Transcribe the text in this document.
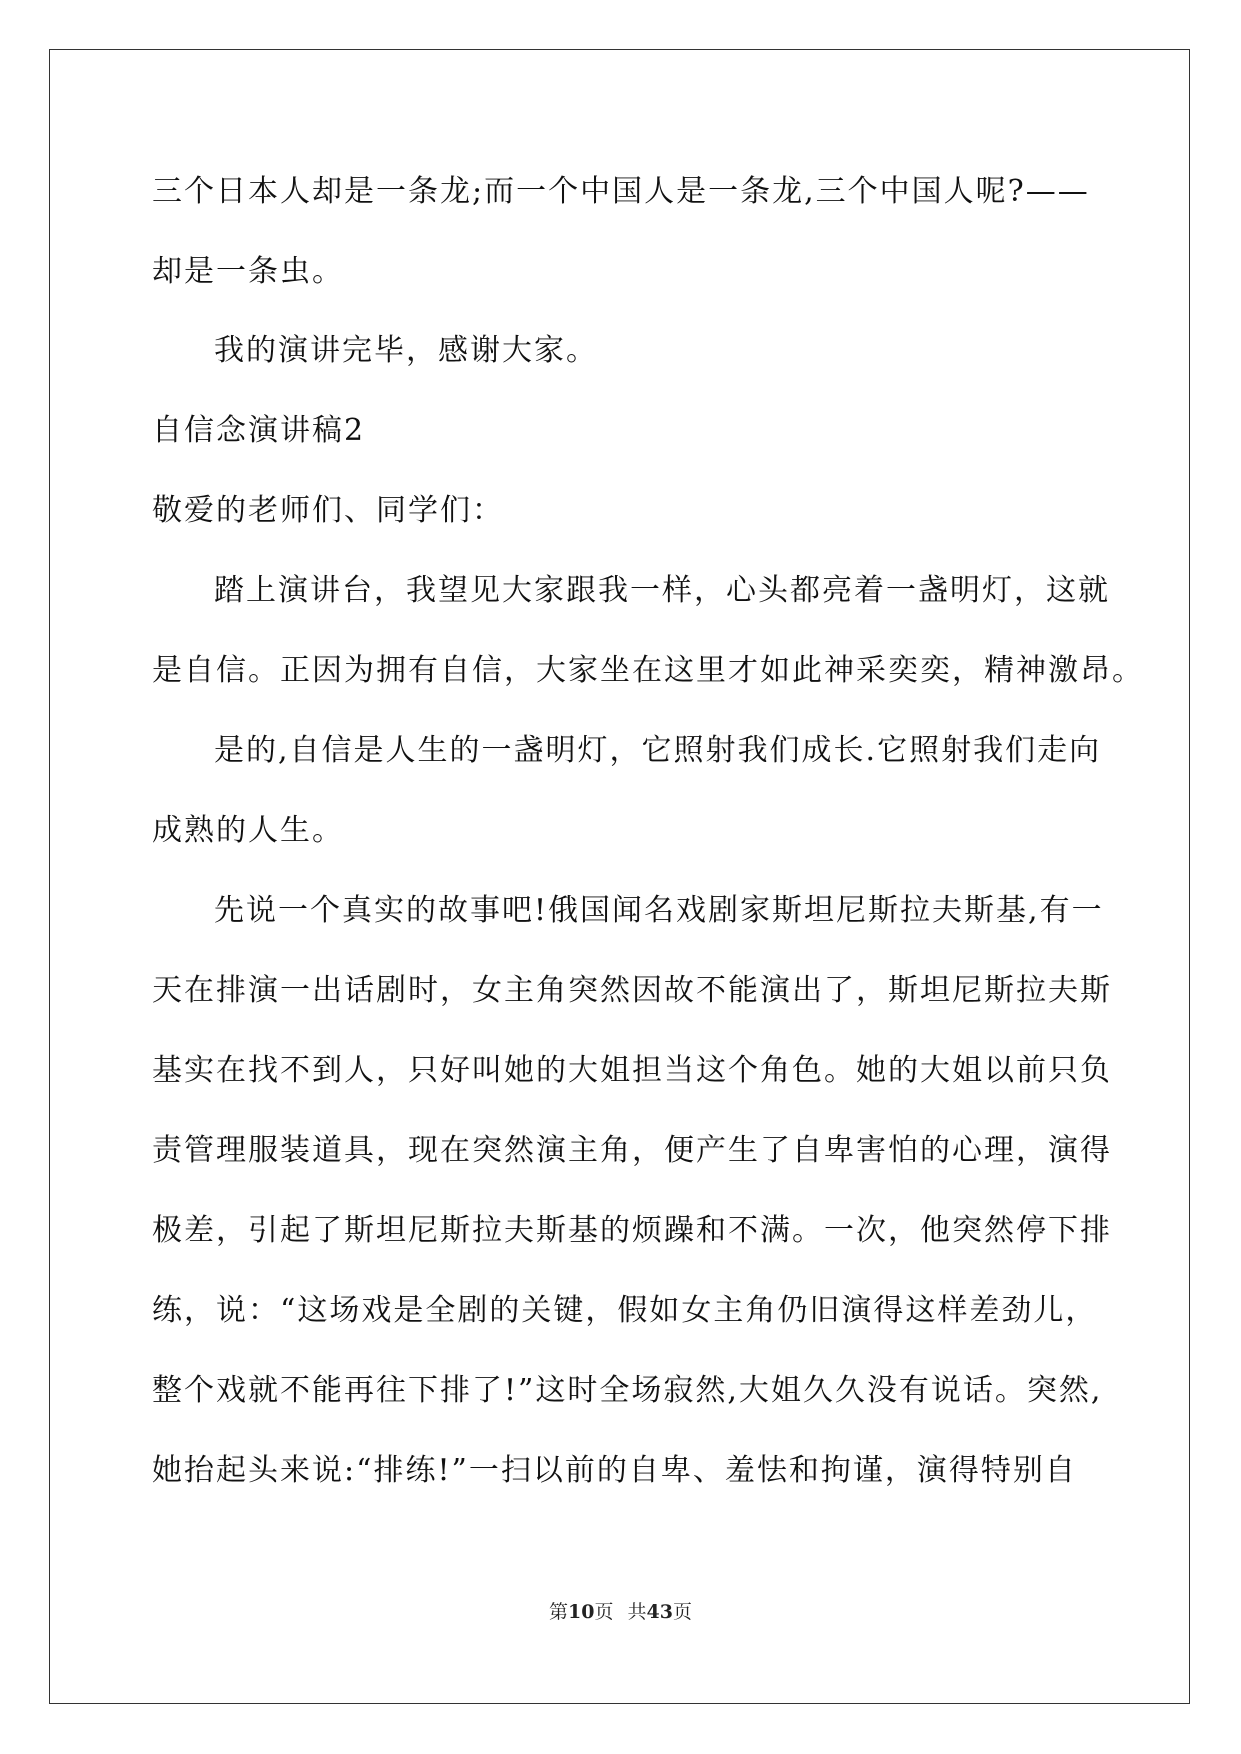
三个日本人却是一条龙;而一个中国人是一条龙,三个中国人呢?——
却是一条虫。
我的演讲完毕，感谢大家。
自信念演讲稿2
敬爱的老师们、同学们：
踏上演讲台，我望见大家跟我一样，心头都亮着一盏明灯，这就
是自信。正因为拥有自信，大家坐在这里才如此神采奕奕，精神激昂。
是的,自信是人生的一盏明灯，它照射我们成长.它照射我们走向
成熟的人生。
先说一个真实的故事吧!俄国闻名戏剧家斯坦尼斯拉夫斯基,有一
天在排演一出话剧时，女主角突然因故不能演出了，斯坦尼斯拉夫斯
基实在找不到人，只好叫她的大姐担当这个角色。她的大姐以前只负
责管理服装道具，现在突然演主角，便产生了自卑害怕的心理，演得
极差，引起了斯坦尼斯拉夫斯基的烦躁和不满。一次，他突然停下排
练，说：“这场戏是全剧的关键，假如女主角仍旧演得这样差劲儿，
整个戏就不能再往下排了!”这时全场寂然,大姐久久没有说话。突然,
她抬起头来说:“排练!”一扫以前的自卑、羞怯和拘谨，演得特别自
第10页 共43页
